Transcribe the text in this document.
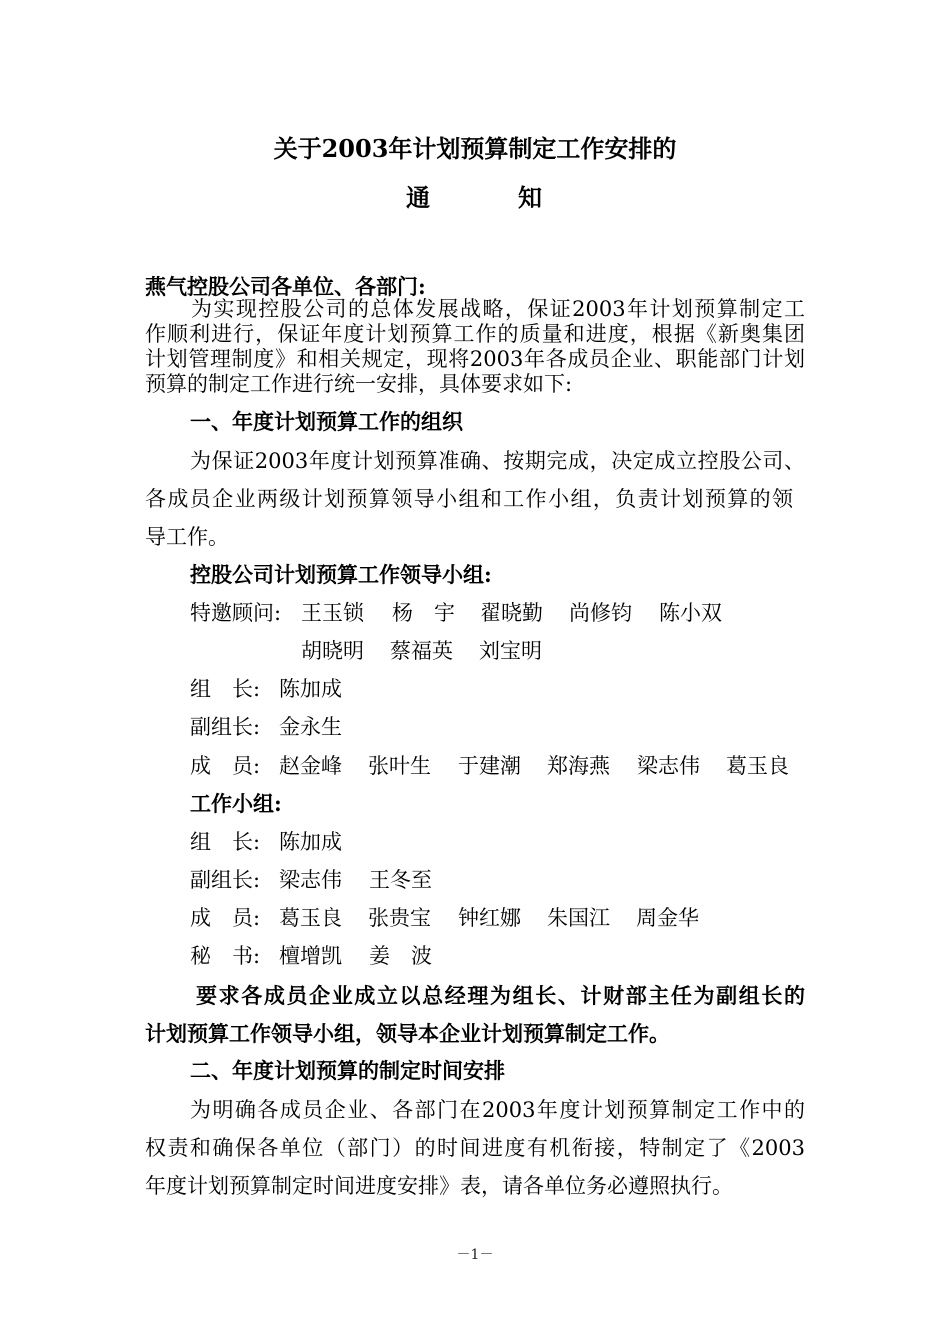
关于2003年计划预算制定工作安排的
通	知
燕气控股公司各单位、各部门:
为实现控股公司的总体发展战略，保证2003年计划预算制定工
作顺利进行，保证年度计划预算工作的质量和进度，根据《新奥集团
计划管理制度》和相关规定，现将2003年各成员企业、职能部门计划
预算的制定工作进行统一安排，具体要求如下:
一、年度计划预算工作的组织
为保证2003年度计划预算准确、按期完成，决定成立控股公司、
各成员企业两级计划预算领导小组和工作小组，负责计划预算的领
导工作。
控股公司计划预算工作领导小组:
特邀顾问: 王玉锁 杨　宇 翟晓勤 尚修钧 陈小双
胡晓明 蔡福英 刘宝明
组　长: 陈加成
副组长: 金永生
成　员: 赵金峰 张叶生 于建潮 郑海燕 梁志伟 葛玉良
工作小组:
组　长: 陈加成
副组长: 梁志伟 王冬至
成　员: 葛玉良 张贵宝 钟红娜 朱国江 周金华
秘　书: 檀增凯 姜　波
要求各成员企业成立以总经理为组长、计财部主任为副组长的
计划预算工作领导小组，领导本企业计划预算制定工作。
二、年度计划预算的制定时间安排
为明确各成员企业、各部门在2003年度计划预算制定工作中的
权责和确保各单位（部门）的时间进度有机衔接，特制定了《2003
年度计划预算制定时间进度安排》表，请各单位务必遵照执行。
－1－
